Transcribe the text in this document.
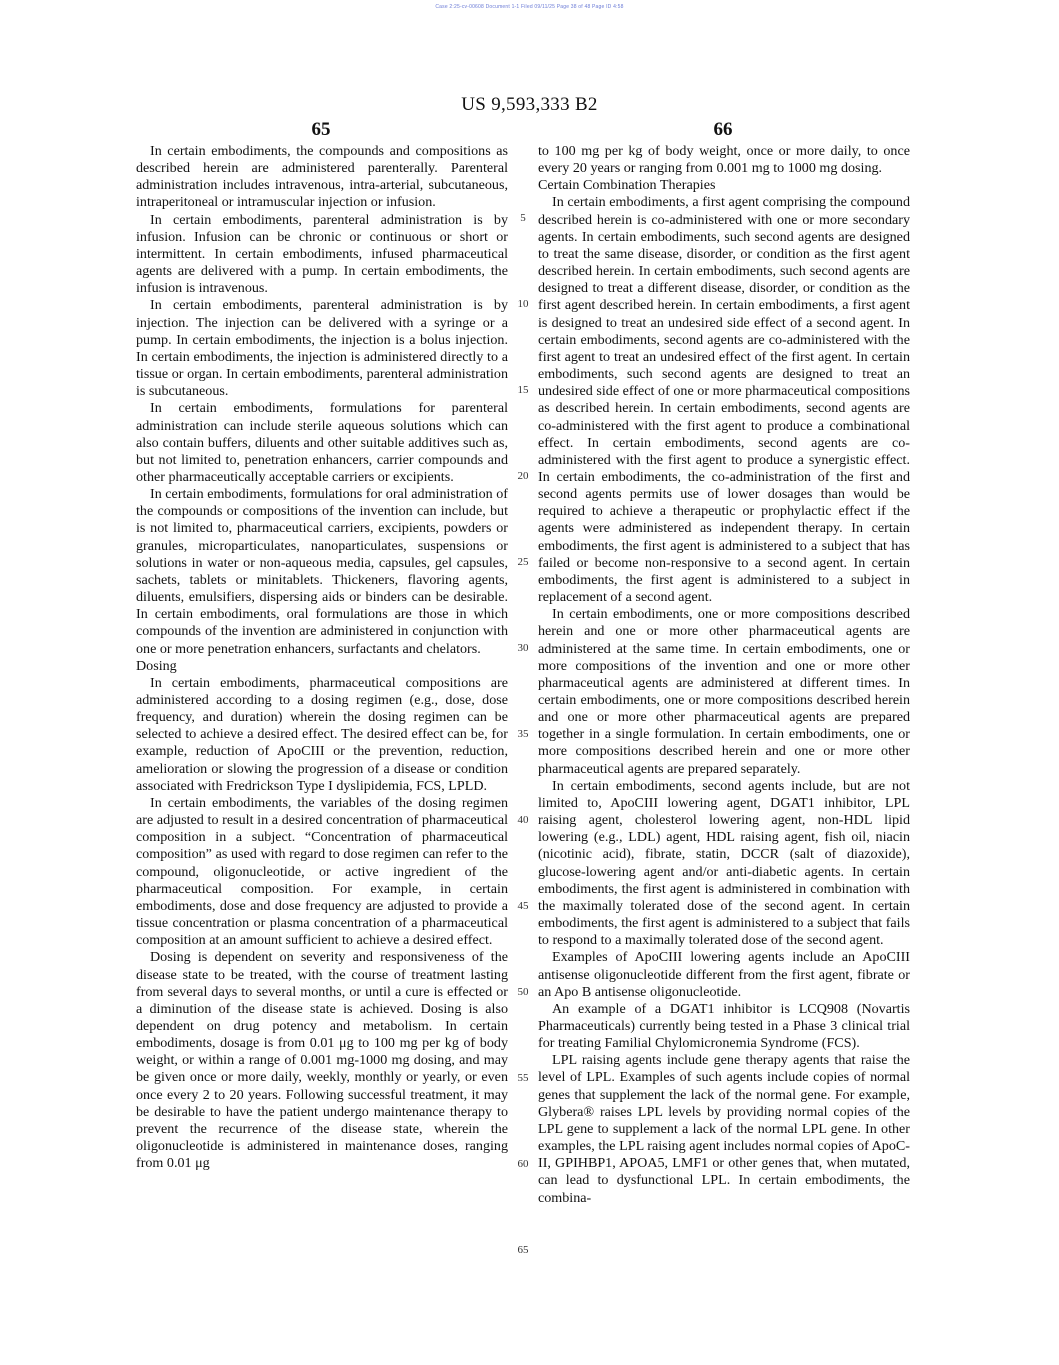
Case 2:25-cv-00608 Document 1-1 Filed 09/11/25 Page 38 of 48 Page ID 4:58
US 9,593,333 B2
65	66

In certain embodiments, the compounds and compositions as described herein are administered parenterally. Parenteral administration includes intravenous, intra-arterial, subcutaneous, intraperitoneal or intramuscular injection or infusion.

In certain embodiments, parenteral administration is by infusion. Infusion can be chronic or continuous or short or intermittent. In certain embodiments, infused pharmaceutical agents are delivered with a pump. In certain embodiments, the infusion is intravenous.

In certain embodiments, parenteral administration is by injection. The injection can be delivered with a syringe or a pump. In certain embodiments, the injection is a bolus injection. In certain embodiments, the injection is administered directly to a tissue or organ. In certain embodiments, parenteral administration is subcutaneous.

In certain embodiments, formulations for parenteral administration can include sterile aqueous solutions which can also contain buffers, diluents and other suitable additives such as, but not limited to, penetration enhancers, carrier compounds and other pharmaceutically acceptable carriers or excipients.

In certain embodiments, formulations for oral administration of the compounds or compositions of the invention can include, but is not limited to, pharmaceutical carriers, excipients, powders or granules, microparticulates, nanoparticulates, suspensions or solutions in water or non-aqueous media, capsules, gel capsules, sachets, tablets or minitablets. Thickeners, flavoring agents, diluents, emulsifiers, dispersing aids or binders can be desirable. In certain embodiments, oral formulations are those in which compounds of the invention are administered in conjunction with one or more penetration enhancers, surfactants and chelators.

Dosing

In certain embodiments, pharmaceutical compositions are administered according to a dosing regimen (e.g., dose, dose frequency, and duration) wherein the dosing regimen can be selected to achieve a desired effect. The desired effect can be, for example, reduction of ApoCIII or the prevention, reduction, amelioration or slowing the progression of a disease or condition associated with Fredrickson Type I dyslipidemia, FCS, LPLD.

In certain embodiments, the variables of the dosing regimen are adjusted to result in a desired concentration of pharmaceutical composition in a subject. “Concentration of pharmaceutical composition” as used with regard to dose regimen can refer to the compound, oligonucleotide, or active ingredient of the pharmaceutical composition. For example, in certain embodiments, dose and dose frequency are adjusted to provide a tissue concentration or plasma concentration of a pharmaceutical composition at an amount sufficient to achieve a desired effect.

Dosing is dependent on severity and responsiveness of the disease state to be treated, with the course of treatment lasting from several days to several months, or until a cure is effected or a diminution of the disease state is achieved. Dosing is also dependent on drug potency and metabolism. In certain embodiments, dosage is from 0.01 μg to 100 mg per kg of body weight, or within a range of 0.001 mg-1000 mg dosing, and may be given once or more daily, weekly, monthly or yearly, or even once every 2 to 20 years. Following successful treatment, it may be desirable to have the patient undergo maintenance therapy to prevent the recurrence of the disease state, wherein the oligonucleotide is administered in maintenance doses, ranging from 0.01 μg

5
10
15
20
25
30
35
40
45
50
55
60
65

to 100 mg per kg of body weight, once or more daily, to once every 20 years or ranging from 0.001 mg to 1000 mg dosing.

Certain Combination Therapies

In certain embodiments, a first agent comprising the compound described herein is co-administered with one or more secondary agents. In certain embodiments, such second agents are designed to treat the same disease, disorder, or condition as the first agent described herein. In certain embodiments, such second agents are designed to treat a different disease, disorder, or condition as the first agent described herein. In certain embodiments, a first agent is designed to treat an undesired side effect of a second agent. In certain embodiments, second agents are co-administered with the first agent to treat an undesired effect of the first agent. In certain embodiments, such second agents are designed to treat an undesired side effect of one or more pharmaceutical compositions as described herein. In certain embodiments, second agents are co-administered with the first agent to produce a combinational effect. In certain embodiments, second agents are co-administered with the first agent to produce a synergistic effect. In certain embodiments, the co-administration of the first and second agents permits use of lower dosages than would be required to achieve a therapeutic or prophylactic effect if the agents were administered as independent therapy. In certain embodiments, the first agent is administered to a subject that has failed or become non-responsive to a second agent. In certain embodiments, the first agent is administered to a subject in replacement of a second agent.

In certain embodiments, one or more compositions described herein and one or more other pharmaceutical agents are administered at the same time. In certain embodiments, one or more compositions of the invention and one or more other pharmaceutical agents are administered at different times. In certain embodiments, one or more compositions described herein and one or more other pharmaceutical agents are prepared together in a single formulation. In certain embodiments, one or more compositions described herein and one or more other pharmaceutical agents are prepared separately.

In certain embodiments, second agents include, but are not limited to, ApoCIII lowering agent, DGAT1 inhibitor, LPL raising agent, cholesterol lowering agent, non-HDL lipid lowering (e.g., LDL) agent, HDL raising agent, fish oil, niacin (nicotinic acid), fibrate, statin, DCCR (salt of diazoxide), glucose-lowering agent and/or anti-diabetic agents. In certain embodiments, the first agent is administered in combination with the maximally tolerated dose of the second agent. In certain embodiments, the first agent is administered to a subject that fails to respond to a maximally tolerated dose of the second agent.

Examples of ApoCIII lowering agents include an ApoCIII antisense oligonucleotide different from the first agent, fibrate or an Apo B antisense oligonucleotide.

An example of a DGAT1 inhibitor is LCQ908 (Novartis Pharmaceuticals) currently being tested in a Phase 3 clinical trial for treating Familial Chylomicronemia Syndrome (FCS).

LPL raising agents include gene therapy agents that raise the level of LPL. Examples of such agents include copies of normal genes that supplement the lack of the normal gene. For example, Glybera® raises LPL levels by providing normal copies of the LPL gene to supplement a lack of the normal LPL gene. In other examples, the LPL raising agent includes normal copies of ApoC-II, GPIHBP1, APOA5, LMF1 or other genes that, when mutated, can lead to dysfunctional LPL. In certain embodiments, the combina-
